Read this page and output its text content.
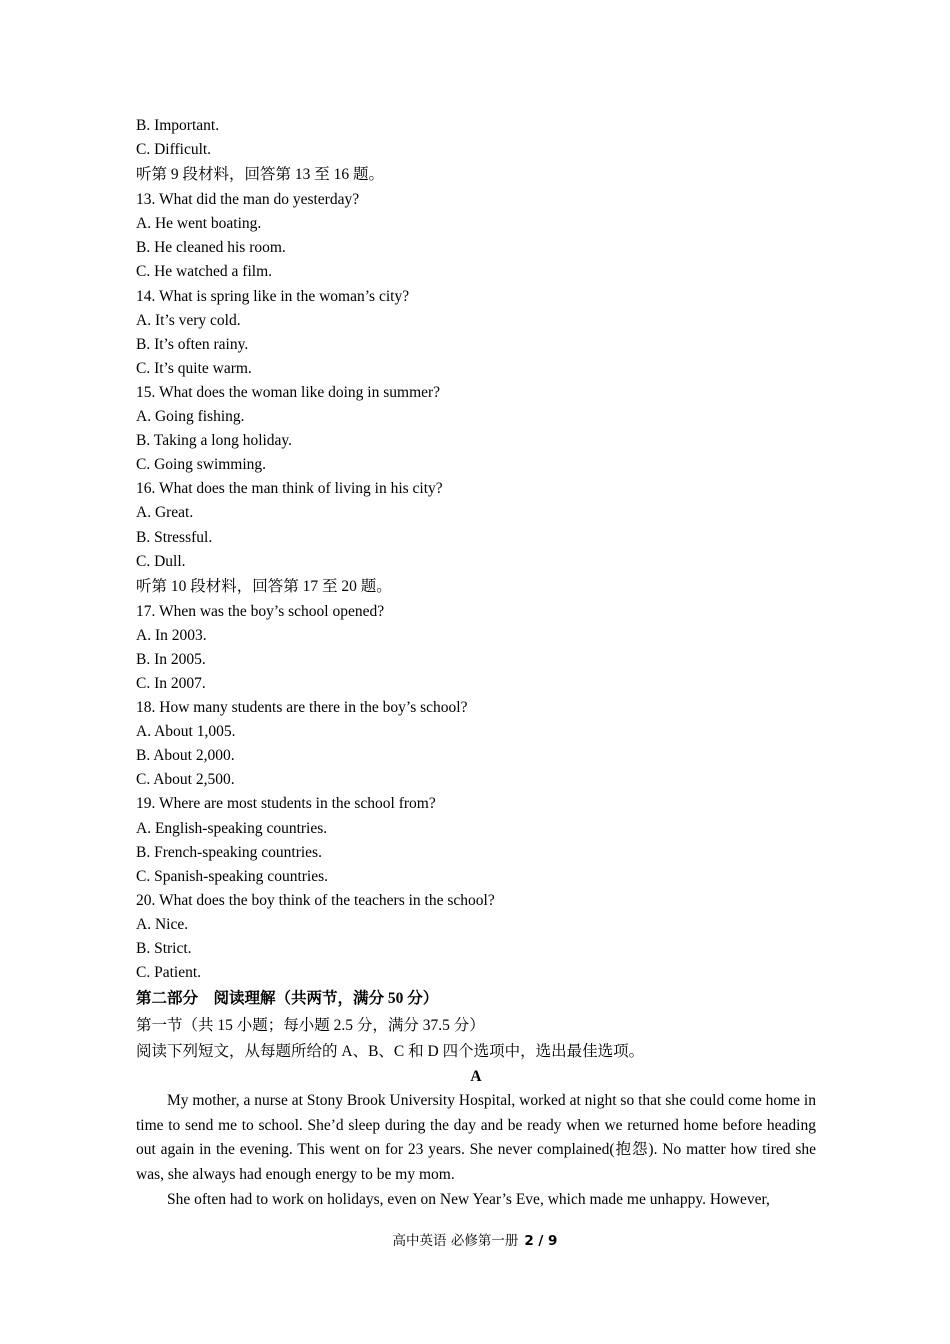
B. Important.
C. Difficult.
听第 9 段材料，回答第 13 至 16 题。
13. What did the man do yesterday?
A. He went boating.
B. He cleaned his room.
C. He watched a film.
14. What is spring like in the woman’s city?
A. It’s very cold.
B. It’s often rainy.
C. It’s quite warm.
15. What does the woman like doing in summer?
A. Going fishing.
B. Taking a long holiday.
C. Going swimming.
16. What does the man think of living in his city?
A. Great.
B. Stressful.
C. Dull.
听第 10 段材料，回答第 17 至 20 题。
17. When was the boy’s school opened?
A. In 2003.
B. In 2005.
C. In 2007.
18. How many students are there in the boy’s school?
A. About 1,005.
B. About 2,000.
C. About 2,500.
19. Where are most students in the school from?
A. English-speaking countries.
B. French-speaking countries.
C. Spanish-speaking countries.
20. What does the boy think of the teachers in the school?
A. Nice.
B. Strict.
C. Patient.
第二部分　阅读理解（共两节，满分 50 分）
第一节（共 15 小题；每小题 2.5 分，满分 37.5 分）
阅读下列短文，从每题所给的 A、B、C 和 D 四个选项中，选出最佳选项。
A

My mother, a nurse at Stony Brook University Hospital, worked at night so that she could come home in time to send me to school. She’d sleep during the day and be ready when we returned home before heading out again in the evening. This went on for 23 years. She never complained(抱怨). No matter how tired she was, she always had enough energy to be my mom.

She often had to work on holidays, even on New Year’s Eve, which made me unhappy. However,

高中英语 必修第一册 2 / 9
